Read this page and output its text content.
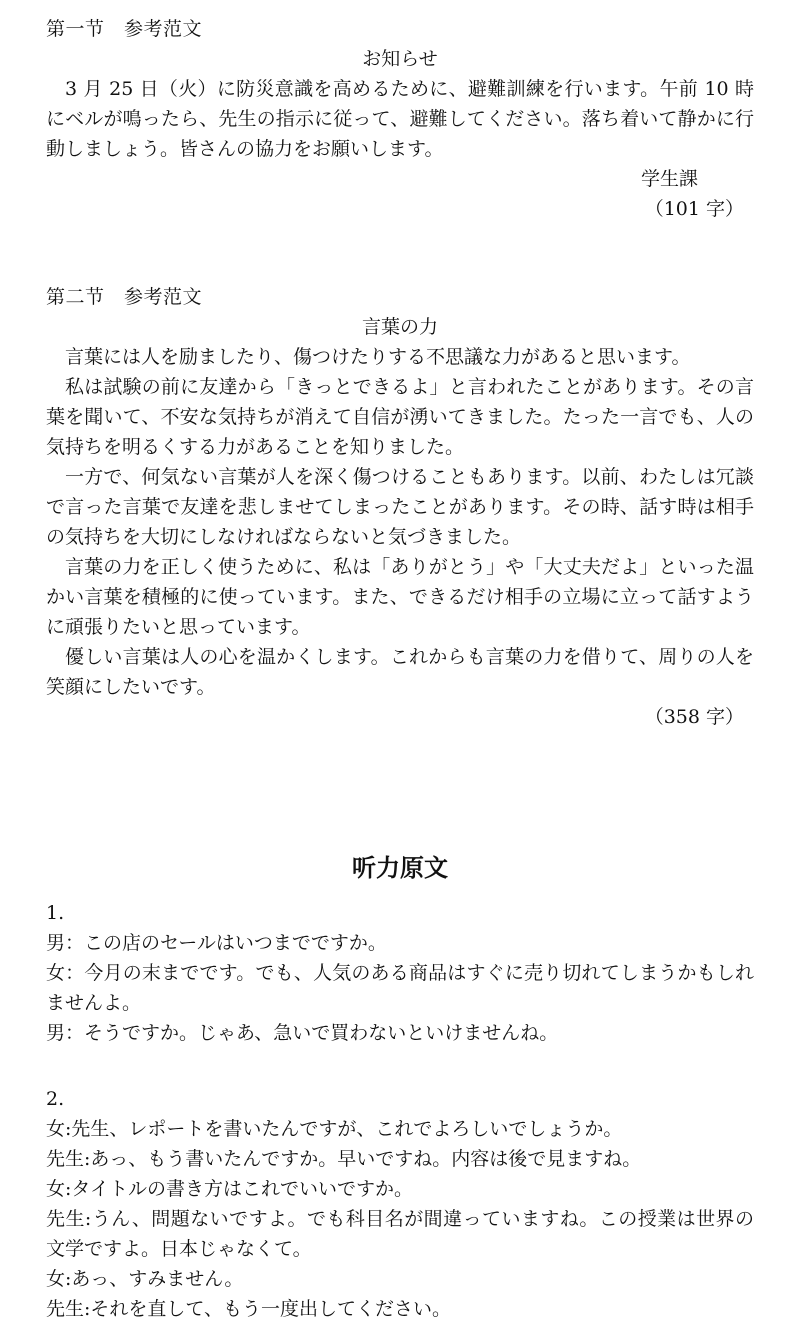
第一节　参考范文

お知らせ

3 月 25 日（火）に防災意識を高めるために、避難訓練を行います。午前 10 時にベルが鳴ったら、先生の指示に従って、避難してください。落ち着いて静かに行動しましょう。皆さんの協力をお願いします。

学生課

（101 字）

第二节　参考范文

言葉の力

言葉には人を励ましたり、傷つけたりする不思議な力があると思います。

私は試験の前に友達から「きっとできるよ」と言われたことがあります。その言葉を聞いて、不安な気持ちが消えて自信が湧いてきました。たった一言でも、人の気持ちを明るくする力があることを知りました。

一方で、何気ない言葉が人を深く傷つけることもあります。以前、わたしは冗談で言った言葉で友達を悲しませてしまったことがあります。その時、話す時は相手の気持ちを大切にしなければならないと気づきました。

言葉の力を正しく使うために、私は「ありがとう」や「大丈夫だよ」といった温かい言葉を積極的に使っています。また、できるだけ相手の立場に立って話すように頑張りたいと思っています。

優しい言葉は人の心を温かくします。これからも言葉の力を借りて、周りの人を笑顔にしたいです。

（358 字）

听力原文

1.

男：この店のセールはいつまでですか。

女：今月の末までです。でも、人気のある商品はすぐに売り切れてしまうかもしれませんよ。

男：そうですか。じゃあ、急いで買わないといけませんね。

2.

女:先生、レポートを書いたんですが、これでよろしいでしょうか。

先生:あっ、もう書いたんですか。早いですね。内容は後で見ますね。

女:タイトルの書き方はこれでいいですか。

先生:うん、問題ないですよ。でも科目名が間違っていますね。この授業は世界の文学ですよ。日本じゃなくて。

女:あっ、すみません。

先生:それを直して、もう一度出してください。
